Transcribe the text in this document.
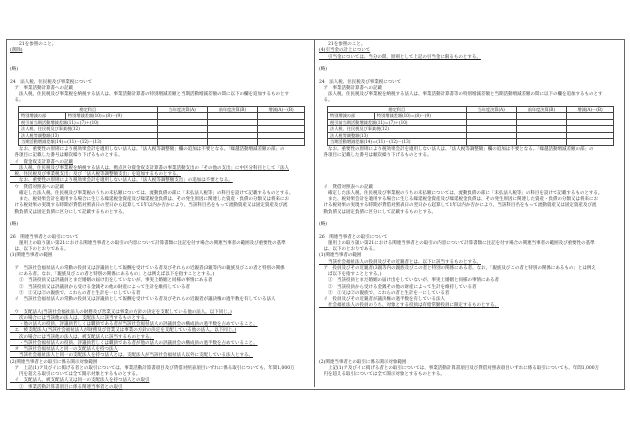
　　21を参照のこと。
(削除)
(略)
24　法人税、住民税及び事業税について
　ア　事業活動計算書への記載
　　法人税、住民税及び事業税を納税する法人は、事業活動計算書の特別増減差額と当期活動増減差額の間に以下の欄を追加するものとす
　る。
勘定科目		当年度決算(A)	前年度決算(B)	増減(A)－(B)
特別増減の部	特別増減差額(10)＝(8)－(9)			
税引前当期活動増減差額(11)＝(7)＋(10)				
法人税、住民税及び事業税(12)				
法人税等調整額(13)				
当期活動増減差額(14)＝(11)－(12)－(13)				
　　なお、重要性の原則により税効果会計を適用しない法人は、「法人税等調整額」欄の追加は不要となる。「繰越活動増減差額の部」の
　各項目に記載した番号は順次繰り下げるものとする。
　イ　資金収支計算書への記載
　　法人税、住民税及び事業税を納税する法人は、拠点区分資金収支計算書の事業活動支出の「その他の支出」に中区分科目として「法人
　税、住民税及び事業税支出」及び「法人税等調整額支出」を追加するものとする。
　　なお、重要性の原則により税効果会計を適用しない法人は、「法人税等調整額支出」の追加は不要となる。
　ウ　貸借対照表への記載
　　確定した法人税、住民税及び事業税のうちの未払額については、流動負債の部に「未払法人税等」の科目を設けて記載するものとする。
　　また、税効果会計を適用する場合に生じる繰延税金資産及び繰延税金負債は、その発生原因に関連した資産・負債の分類又は将来にお
　ける税効果の実現する時期が貸借対照表日の翌日から起算して1年以内か否かにより、当該科目名をもって流動資産又は固定資産及び流
　動負債又は固定負債に区分にして記載するものとする。
(略)
26　関連当事者との取引について
　　運用上の取り扱い第21における関連当事者との取引の内容について計算書類に注記を付す場合の関連当事者の範囲及び重要性の基準
　は、以下のとおりである。
(1)関連当事者の範囲
　ア　当該社会福祉法人の常勤の役員又は評議員として報酬を受けている者及びそれらの近親者(3親等内の親族及びこの者と特別の関係
　　にある者。なお、「親族及びこの者と特別の関係にあるもの」とは例えば以下を指すこととする。)
　　①　当該役員又は評議員とまだ婚姻の届け出をしていないが、事実上婚姻と同様の事情にある者
　　②　当該役員又は評議員から受ける金銭その他の財産によって生計を維持している者
　　③　①又は②の親族で、これらの者と生計を一にしている者
　イ　当該社会福祉法人の常勤の役員又は評議員として報酬を受けている者及びそれらの近親者が議決権の過半数を有している法人
　ウ　支配法人(当該社会福祉法人の財務及び営業又は事業の方針の決定を支配している他の法人。以下同じ。)
　　次の場合には当該他の法人は、支配法人に該当するものとする。
　　・他の法人の役員、評議員若しくは職員である者が当該社会福祉法人の評議員会の構成員の過半数を占めていること。
　エ　被支配法人(当該社会福祉法人が財務及び営業又は事業の方針の決定を支配している他の法人。以下同じ。)
　　次の場合には当該他の法人は、被支配法人に該当するものとする。
　　・当該社会福祉法人の役員、評議員若しくは職員である者が他の法人の評議員会の構成員の過半数を占めていること。
　オ　当該社会福祉法人と同一の支配法人を持つ法人
　　当該社会福祉法人と同一の支配法人を持つ法人とは、支配法人が当該社会福祉法人以外に支配している法人とする。
(2)関連当事者との取引に係る開示対象範囲
　ア　上記(1)ア及びイに掲げる者との取引については、事業活動計算書項目及び貸借対照表項目いずれに係る取引についても、年間1,000万
　　円を超える取引については全て開示対象とするものとする。
　イ　支配法人、被支配法人又は同一の支配法人を持つ法人との取引
　　①　事業活動計算書項目に係る関連当事者との取引
　　21を参照のこと。
(4)引当金の計上について
　　引当金については、当分の間、原則として上記の引当金に限るものとする。
(略)
24　法人税、住民税及び事業税について
　ア　事業活動計算書への記載
　　法人税、住民税及び事業税を納税する法人は、事業活動計算書等の特別増減差額と当期活動増減差額の間に以下の欄を追加するものとす
　る。
勘定科目		当年度決算(A)	前年度決算(B)	増減(A)－(B)
特別増減の部	特別増減差額(10)＝(8)－(9)			
税引前当期活動増減差額(11)＝(7)＋(10)				
法人税、住民税及び事業税(12)				
法人税等調整額(13)				
当期活動増減差額(14)＝(11)－(12)－(13)				
　　なお、重要性の原則により税効果会計を適用しない法人は、「法人税等調整額」欄の追加は不要となる。「繰越活動増減差額の部」の
　各項目に記載した番号は順次繰り下げるものとする。
　イ　貸借対照表への記載
　　確定した法人税、住民税及び事業税のうちの未払額については、流動負債の部に「未払法人税等」の科目を設けて記載するものとする。
　　また、税効果会計を適用する場合に生じる繰延税金資産及び繰延税金負債は、その発生原因に関連した資産・負債の分類又は将来にお
　ける税効果の実現する時期が貸借対照表日の翌日から起算して1年以内か否かにより、当該科目名をもって流動資産又は固定資産及び流
　動負債又は固定負債に区分にして記載するものとする。
(略)
26　関連当事者との取引について
　　運用上の取り扱い第21における関連当事者との取引の内容について計算書類に注記を付す場合の関連当事者の範囲及び重要性の基準
　は、以下のとおりである。
(1)関連当事者の範囲
　　当該社会福祉法人の役員及びその近親者とは、以下に該当するものとする。
　ア　役員及びその近親者(3親等内の親族及びこの者と特別の関係にある者。なお、「親族及びこの者と特別の関係にあるもの」とは例え
　　ば以下を指すこととする。)
　　①　当該役員とまだ婚姻の届け出をしていないが、事実上婚姻と同様の事情にある者
　　②　当該役員から受ける金銭その他の財産によって生計を維持している者
　　③　①又は②の親族で、これらの者と生計を一にしている者
　イ　役員及びその近親者が議決権の過半数を有している法人
　　社会福祉法人の役員のうち、対象とする役員は有給常勤役員に限定するものとする。
(2)関連当事者との取引に係る開示対象範囲
　　上記(1)ア及びイに掲げる者との取引については、事業活動計算書項目及び貸借対照表項目いずれに係る取引についても、年間1,000万
　円を超える取引については全て開示対象とするものとする。
